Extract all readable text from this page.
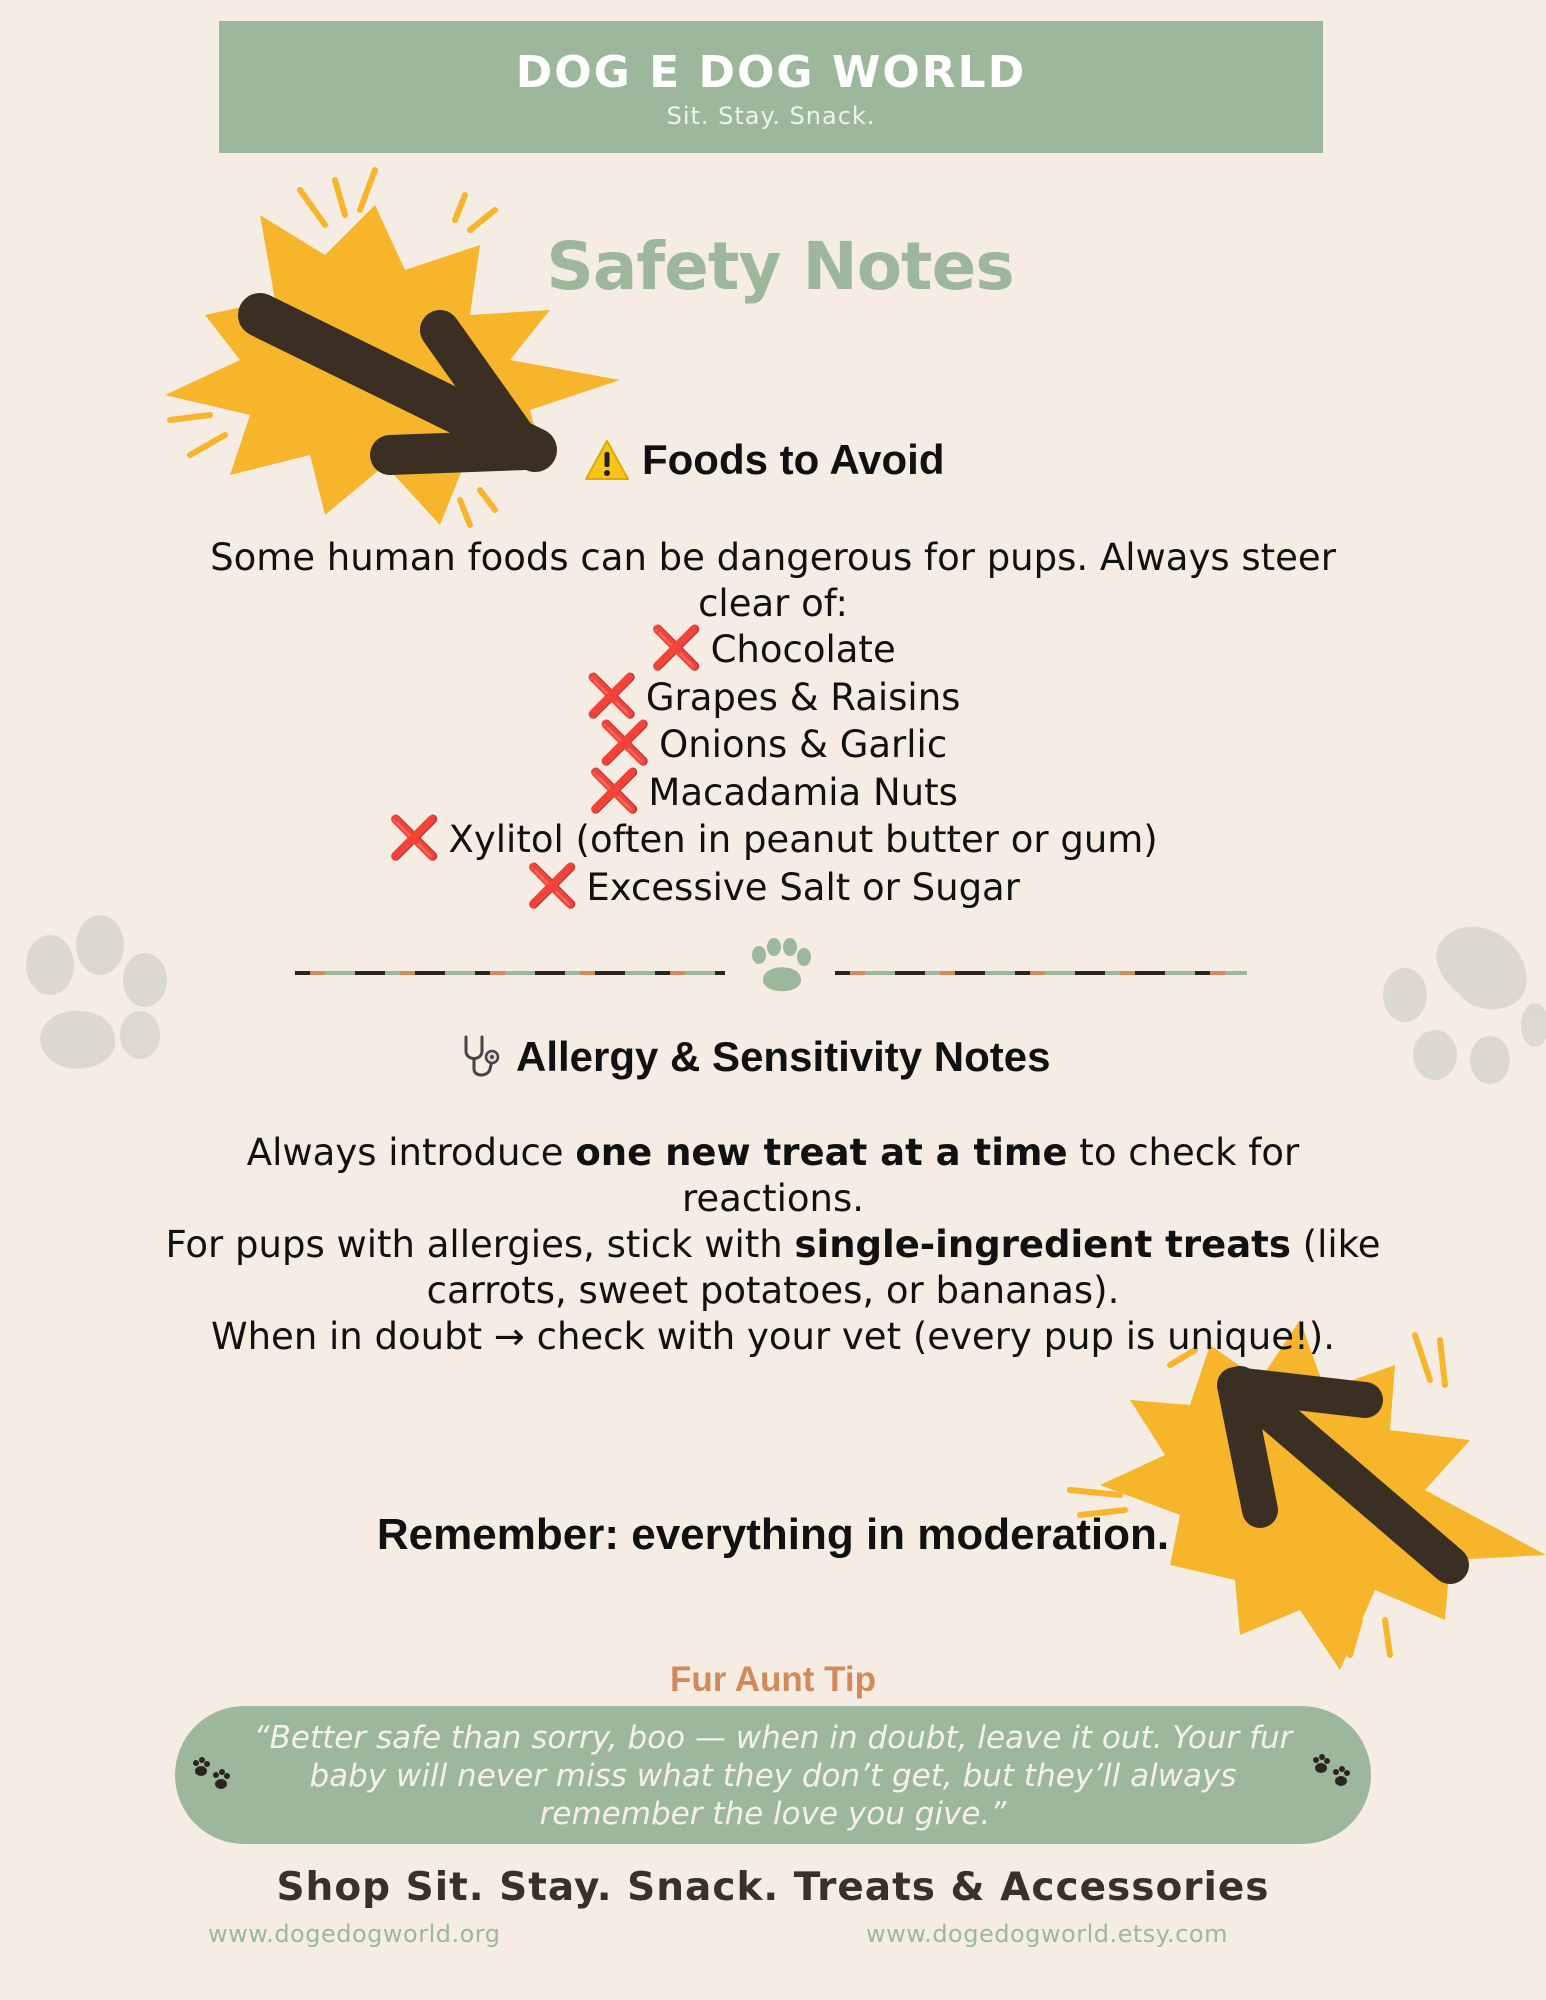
DOG E DOG WORLD
Sit. Stay. Snack.
Safety Notes
Foods to Avoid
Some human foods can be dangerous for pups. Always steer clear of:
❌ Chocolate
❌ Grapes & Raisins
❌ Onions & Garlic
❌ Macadamia Nuts
❌ Xylitol (often in peanut butter or gum)
❌ Excessive Salt or Sugar
Allergy & Sensitivity Notes
Always introduce one new treat at a time to check for reactions.
For pups with allergies, stick with single-ingredient treats (like carrots, sweet potatoes, or bananas).
When in doubt → check with your vet (every pup is unique!).
Remember: everything in moderation.
Fur Aunt Tip
“Better safe than sorry, boo — when in doubt, leave it out. Your fur baby will never miss what they don’t get, but they’ll always remember the love you give.”
Shop Sit. Stay. Snack. Treats & Accessories
www.dogedogworld.org	www.dogedogworld.etsy.com
